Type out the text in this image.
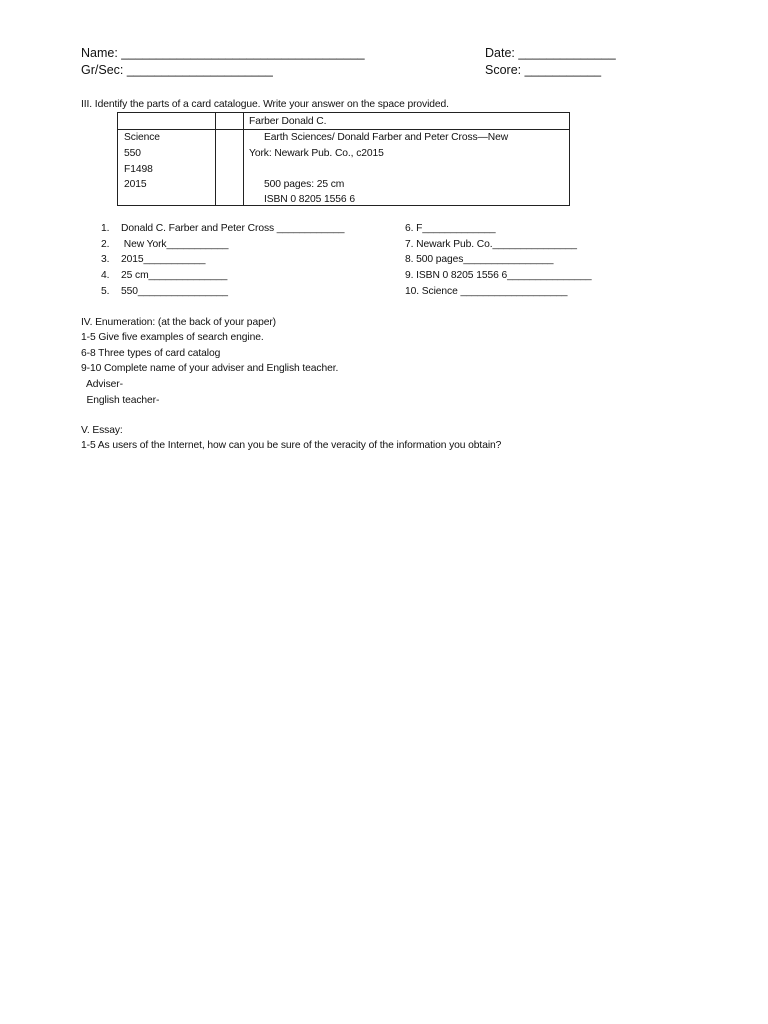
Name: ___________________________________	Date: ______________
Gr/Sec: _____________________	Score: ___________
III. Identify the parts of a card catalogue. Write your answer on the space provided.
Science
550
F1498
2015
Farber Donald C.
Earth Sciences/ Donald Farber and Peter Cross—New
York: Newark Pub. Co., c2015
500 pages: 25 cm
ISBN 0 8205 1556 6
1. Donald C. Farber and Peter Cross ____________
2. New York___________
3. 2015___________
4. 25 cm______________
5. 550________________
6. F_____________
7. Newark Pub. Co._______________
8. 500 pages________________
9. ISBN 0 8205 1556 6_______________
10. Science ___________________
IV. Enumeration: (at the back of your paper)
1-5 Give five examples of search engine.
6-8 Three types of card catalog
9-10 Complete name of your adviser and English teacher.
Adviser-
English teacher-
V. Essay:
1-5 As users of the Internet, how can you be sure of the veracity of the information you obtain?
